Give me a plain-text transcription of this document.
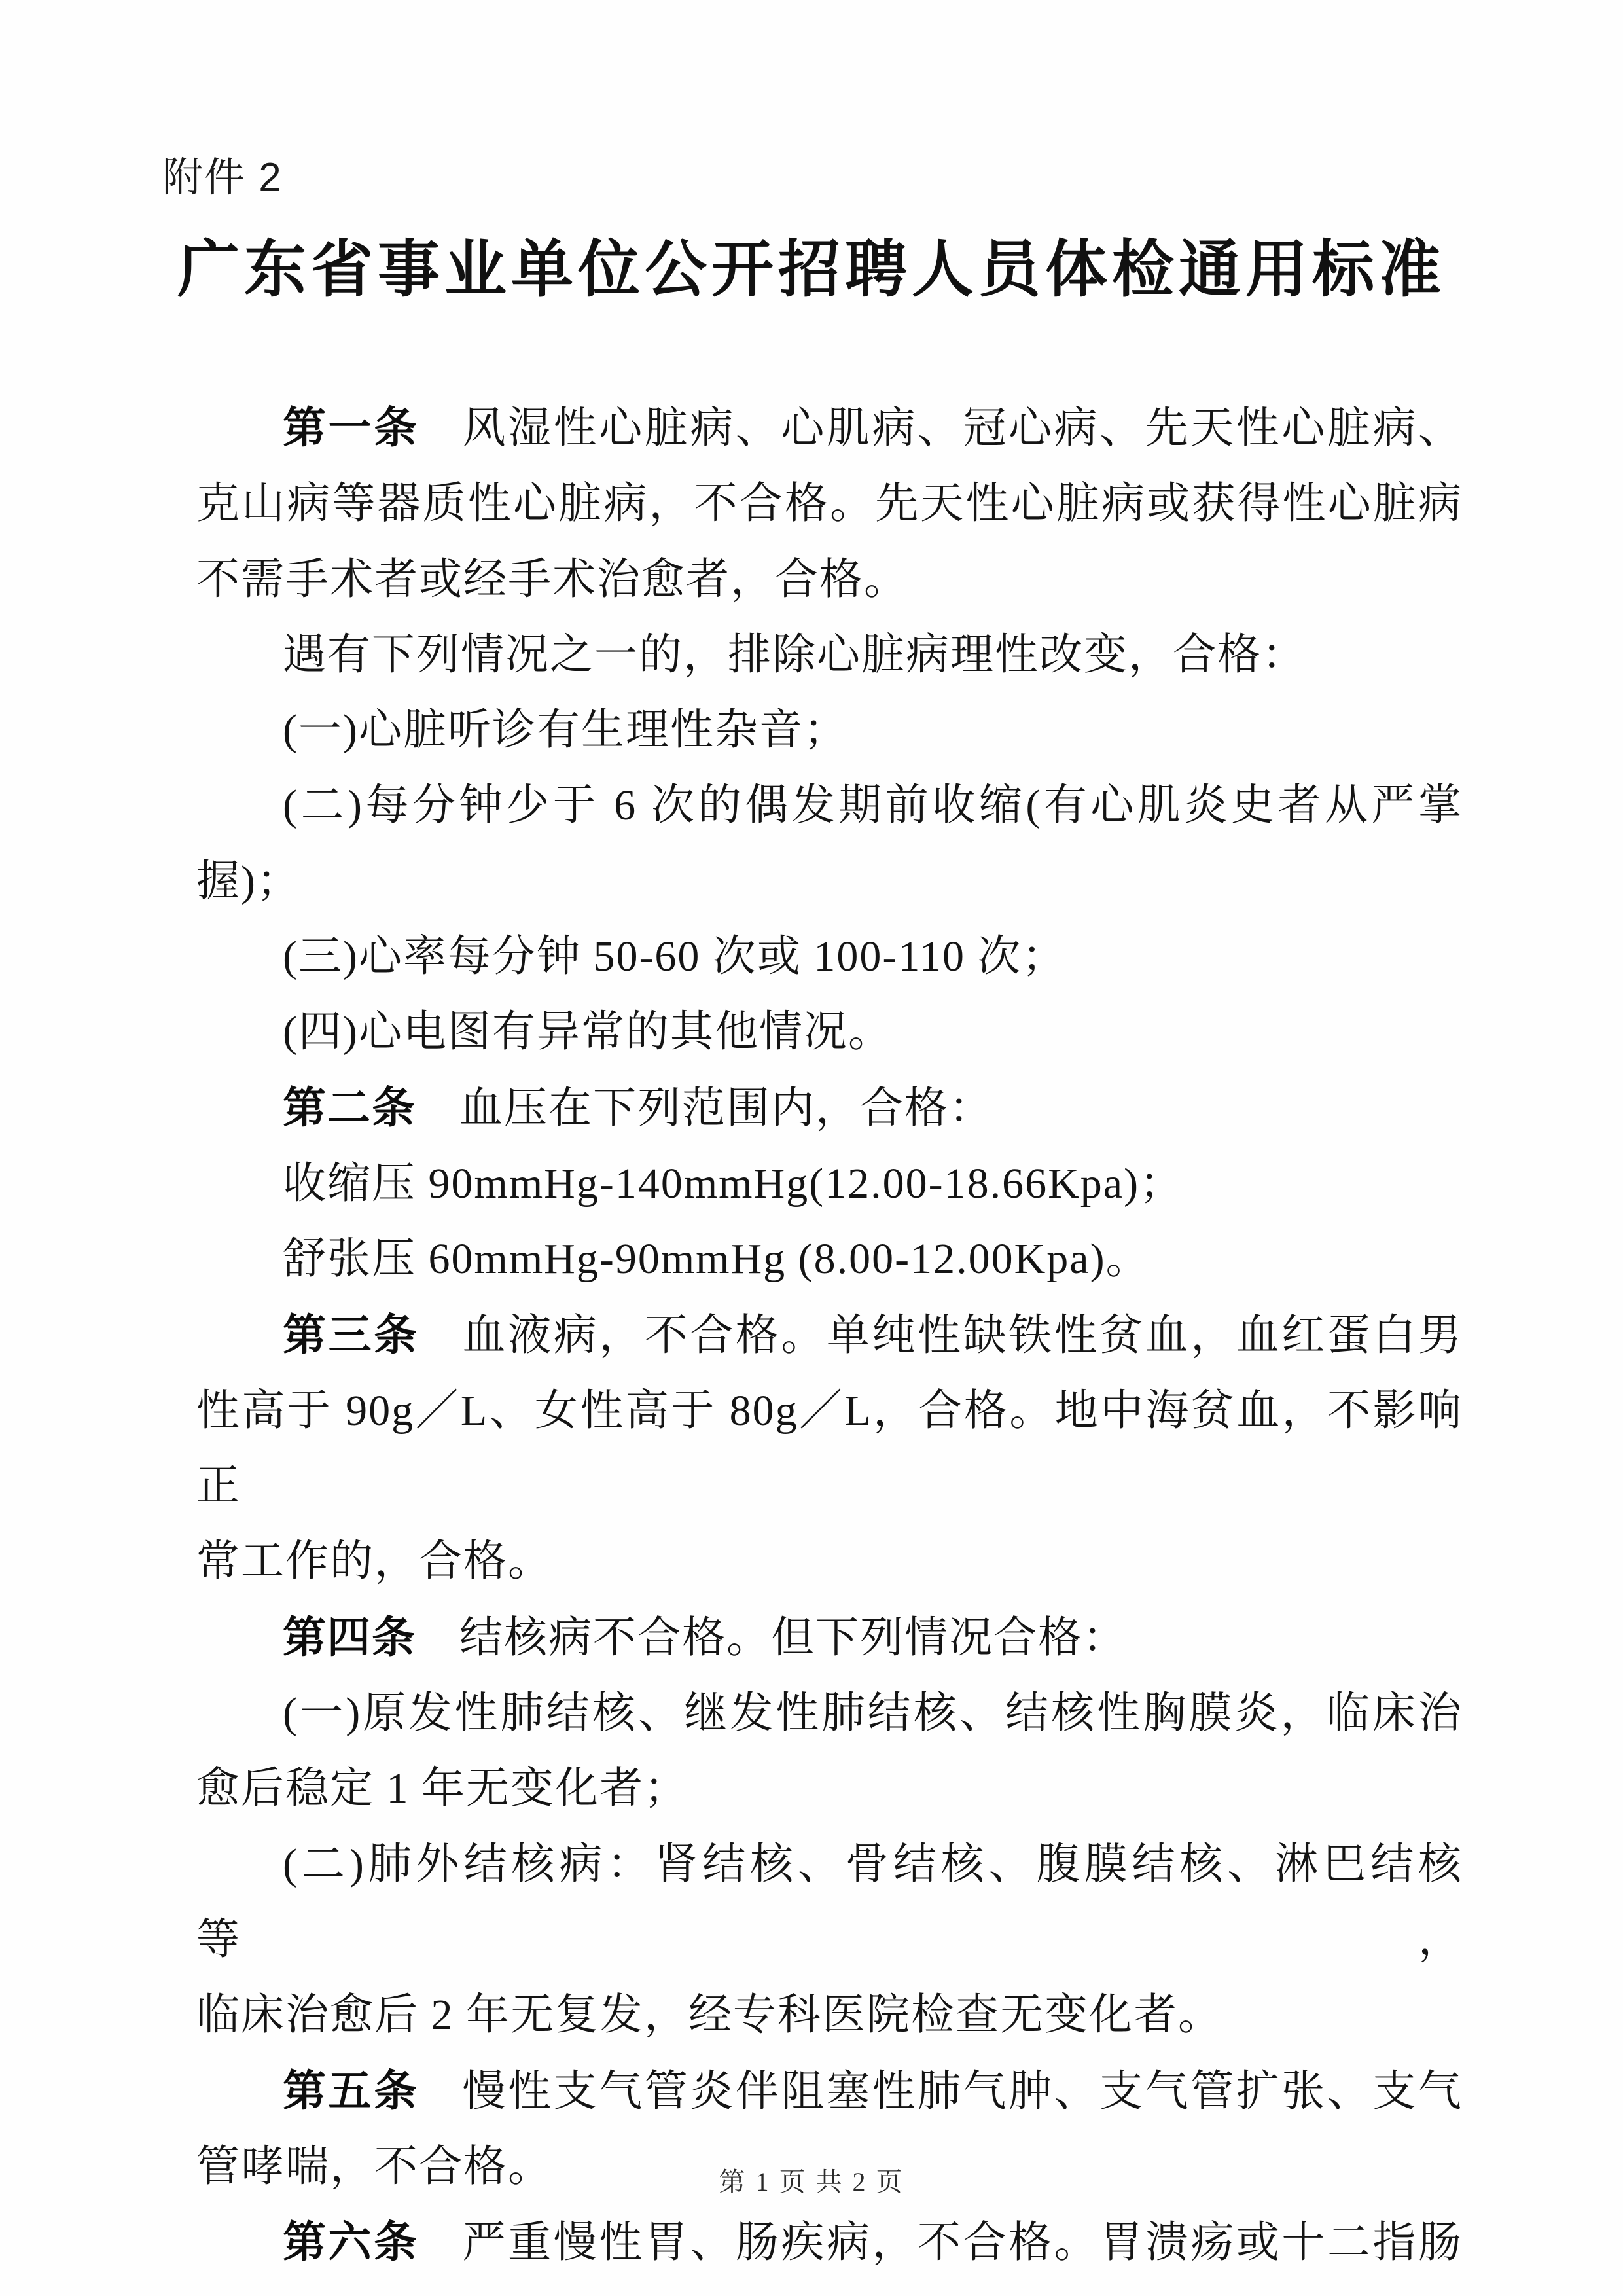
附件 2
广东省事业单位公开招聘人员体检通用标准
第一条 风湿性心脏病、心肌病、冠心病、先天性心脏病、
克山病等器质性心脏病，不合格。先天性心脏病或获得性心脏病
不需手术者或经手术治愈者，合格。
遇有下列情况之一的，排除心脏病理性改变，合格：
(一)心脏听诊有生理性杂音；
(二)每分钟少于 6 次的偶发期前收缩(有心肌炎史者从严掌
握)；
(三)心率每分钟 50-60 次或 100-110 次；
(四)心电图有异常的其他情况。
第二条 血压在下列范围内，合格：
收缩压 90mmHg-140mmHg(12.00-18.66Kpa)；
舒张压 60mmHg-90mmHg (8.00-12.00Kpa)。
第三条 血液病，不合格。单纯性缺铁性贫血，血红蛋白男
性高于 90g／L、女性高于 80g／L，合格。地中海贫血，不影响正
常工作的，合格。
第四条 结核病不合格。但下列情况合格：
(一)原发性肺结核、继发性肺结核、结核性胸膜炎，临床治
愈后稳定 1 年无变化者；
(二)肺外结核病：肾结核、骨结核、腹膜结核、淋巴结核等，
临床治愈后 2 年无复发，经专科医院检查无变化者。
第五条 慢性支气管炎伴阻塞性肺气肿、支气管扩张、支气
管哮喘，不合格。
第六条 严重慢性胃、肠疾病，不合格。胃溃疡或十二指肠
第 1 页 共 2 页
